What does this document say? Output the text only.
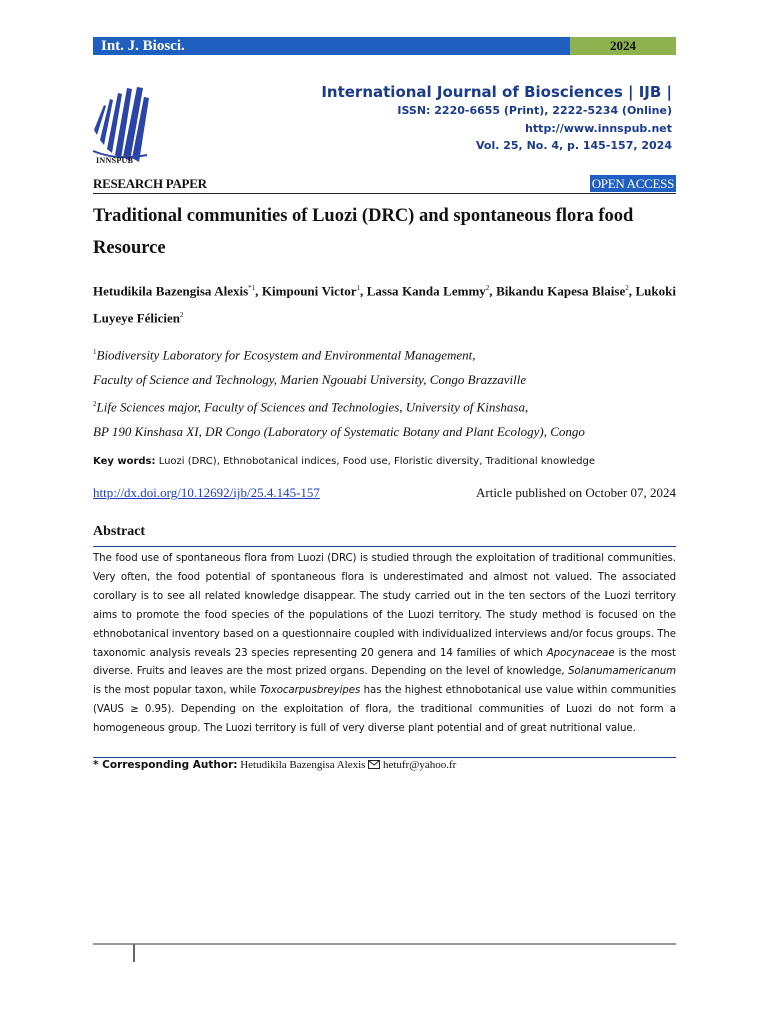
Int. J. Biosci.	2024
INNSPUB
International Journal of Biosciences | IJB |
ISSN: 2220-6655 (Print), 2222-5234 (Online)
http://www.innspub.net
Vol. 25, No. 4, p. 145-157, 2024
RESEARCH PAPER	OPEN ACCESS
Traditional communities of Luozi (DRC) and spontaneous flora food Resource
Hetudikila Bazengisa Alexis$^{*1}$, Kimpouni Victor$^1$, Lassa Kanda Lemmy$^2$, Bikandu Kapesa Blaise$^2$, Lukoki Luyeye Félicien$^2$
$^1$Biodiversity Laboratory for Ecosystem and Environmental Management,
Faculty of Science and Technology, Marien Ngouabi University, Congo Brazzaville
$^2$Life Sciences major, Faculty of Sciences and Technologies, University of Kinshasa,
BP 190 Kinshasa XI, DR Congo (Laboratory of Systematic Botany and Plant Ecology), Congo
Key words: Luozi (DRC), Ethnobotanical indices, Food use, Floristic diversity, Traditional knowledge
http://dx.doi.org/10.12692/ijb/25.4.145-157	Article published on October 07, 2024
Abstract
The food use of spontaneous flora from Luozi (DRC) is studied through the exploitation of traditional communities. Very often, the food potential of spontaneous flora is underestimated and almost not valued. The associated corollary is to see all related knowledge disappear. The study carried out in the ten sectors of the Luozi territory aims to promote the food species of the populations of the Luozi territory. The study method is focused on the ethnobotanical inventory based on a questionnaire coupled with individualized interviews and/or focus groups. The taxonomic analysis reveals 23 species representing 20 genera and 14 families of which Apocynaceae is the most diverse. Fruits and leaves are the most prized organs. Depending on the level of knowledge, Solanumamericanum is the most popular taxon, while Toxocarpusbreyipes has the highest ethnobotanical use value within communities (VAUS ≥ 0.95). Depending on the exploitation of flora, the traditional communities of Luozi do not form a homogeneous group. The Luozi territory is full of very diverse plant potential and of great nutritional value.
* Corresponding Author: Hetudikila Bazengisa Alexis  hetufr@yahoo.fr
